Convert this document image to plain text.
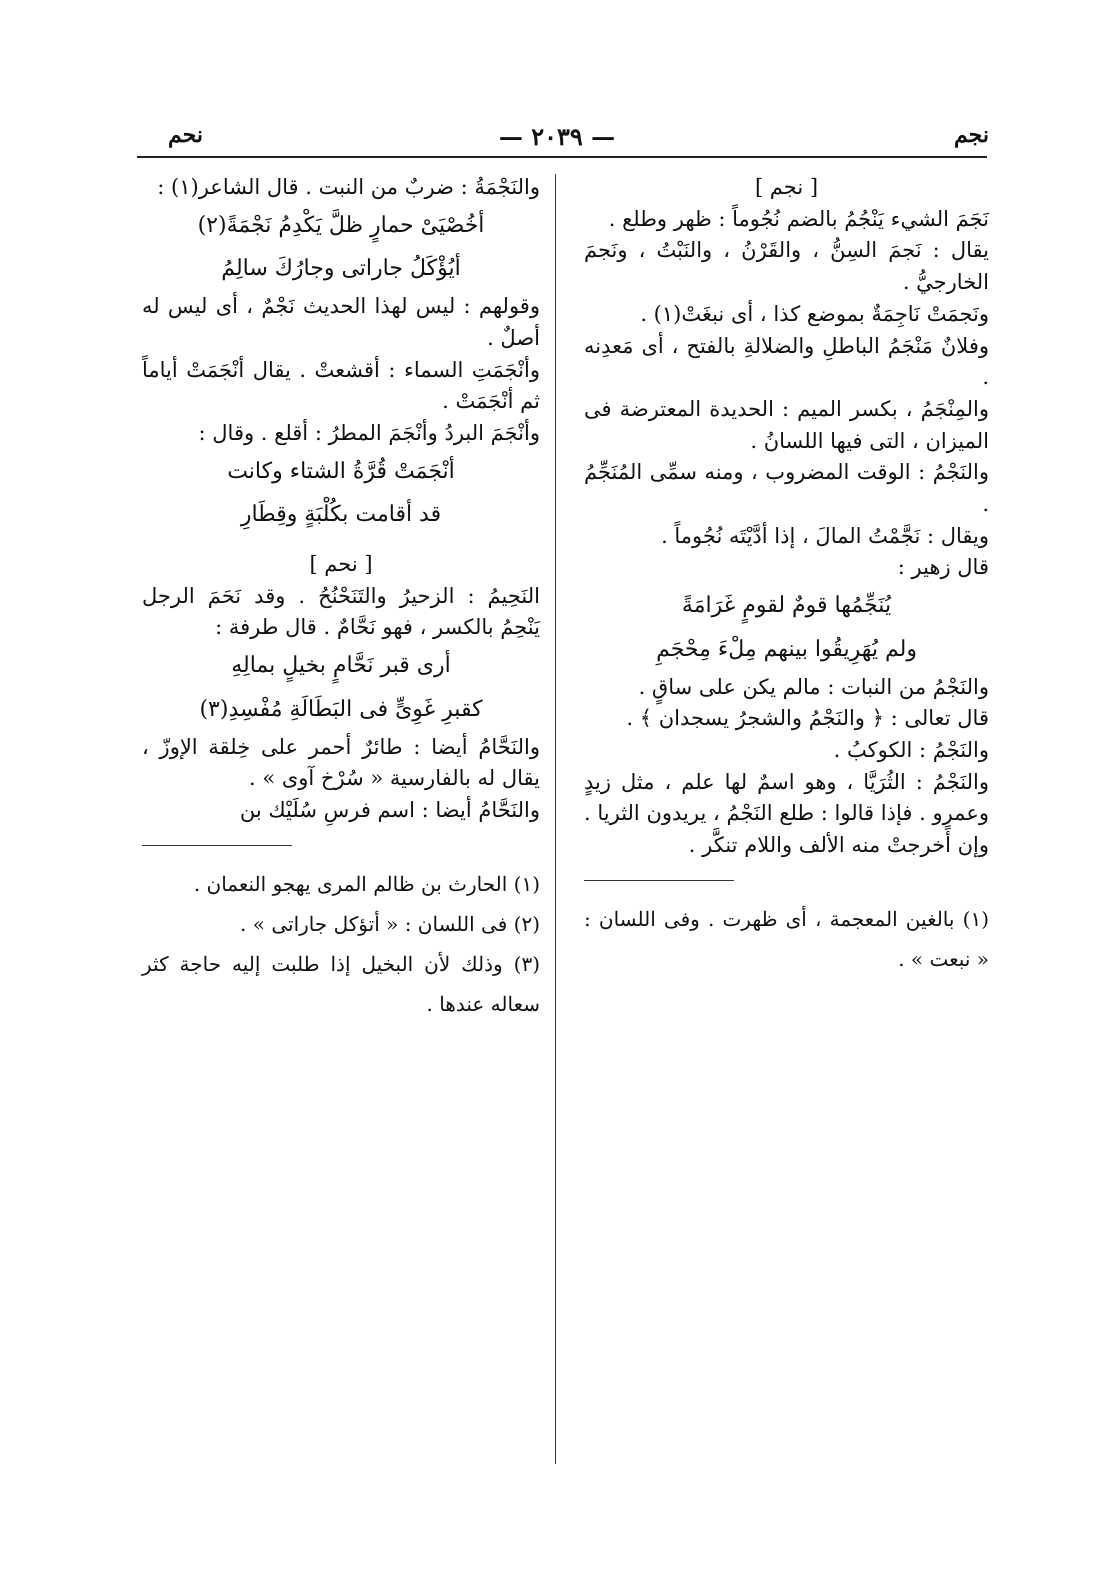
نجم
— ٢٠٣٩ —
نحم

[ نجم ]

نَجَمَ الشيء يَنْجُمُ بالضم نُجُوماً : ظهر وطلع .

يقال : نَجمَ السِنُّ ، والقَرْنُ ، والنَبْتُ ، ونَجمَ الخارجيُّ .

ونَجمَتْ نَاجِمَةٌ بموضع كذا ، أى نبغَتْ(١) .

وفلانٌ مَنْجَمُ الباطلِ والضلالةِ بالفتح ، أى مَعدِنه .

والمِنْجَمُ ، بكسر الميم : الحديدة المعترضة فى الميزان ، التى فيها اللسانُ .

والنَجْمُ : الوقت المضروب ، ومنه سمِّى المُنَجِّمُ .

ويقال : نَجَّمْتُ المالَ ، إذا أدَّيْتَه نُجُوماً .

قال زهير :

يُنَجِّمُها قومٌ لقومٍ غَرَامَةً

ولم يُهَرِيقُوا بينهم مِلْءَ مِحْجَمِ

والنَجْمُ من النبات : مالم يكن على ساقٍ .

قال تعالى : ﴿ والنَجْمُ والشجرُ يسجدان ﴾ .

والنَجْمُ : الكوكبُ .

والنَجْمُ : الثُرَيَّا ، وهو اسمٌ لها علم ، مثل زيدٍ وعمرٍو . فإذا قالوا : طلع النَجْمُ ، يريدون الثريا . وإن أخرجتْ منه الألف واللام تنكَّر .

(١) بالغين المعجمة ، أى ظهرت . وفى اللسان : « نبعت » .

والنَجْمَةُ : ضربٌ من النبت . قال الشاعر(١) :

أخُصْيَىْ حمارٍ ظلَّ يَكْدِمُ نَجْمَةً(٢)

أيُؤْكَلُ جاراتى وجارُكَ سالِمُ

وقولهم : ليس لهذا الحديث نَجْمٌ ، أى ليس له أصلٌ .

وأنْجَمَتِ السماء : أقشعتْ . يقال أنْجَمَتْ أياماً ثم أنْجَمَتْ .

وأنْجَمَ البردُ وأنْجَمَ المطرُ : أقلع . وقال :

أنْجَمَتْ قُرَّةُ الشتاء وكانت

قد أقامت بكُلْبَةٍ وقِطَارِ

[ نحم ]

النَحِيمُ : الزحيرُ والتَنَحْنُحُ . وقد نَحَمَ الرجل يَنْحِمُ بالكسر ، فهو نَحَّامٌ . قال طرفة :

أرى قبر نَحَّامٍ بخيلٍ بمالِهِ

كقبرِ غَوِىٍّ فى البَطَالَةِ مُفْسِدِ(٣)

والنَحَّامُ أيضا : طائرٌ أحمر على خِلقة الإوزّ ، يقال له بالفارسية « سُرْخ آوى » .

والنَحَّامُ أيضا : اسم فرسِ سُلَيْك بن

(١) الحارث بن ظالم المرى يهجو النعمان .

(٢) فى اللسان : « أتؤكل جاراتى » .

(٣) وذلك لأن البخيل إذا طلبت إليه حاجة كثر سعاله عندها .
